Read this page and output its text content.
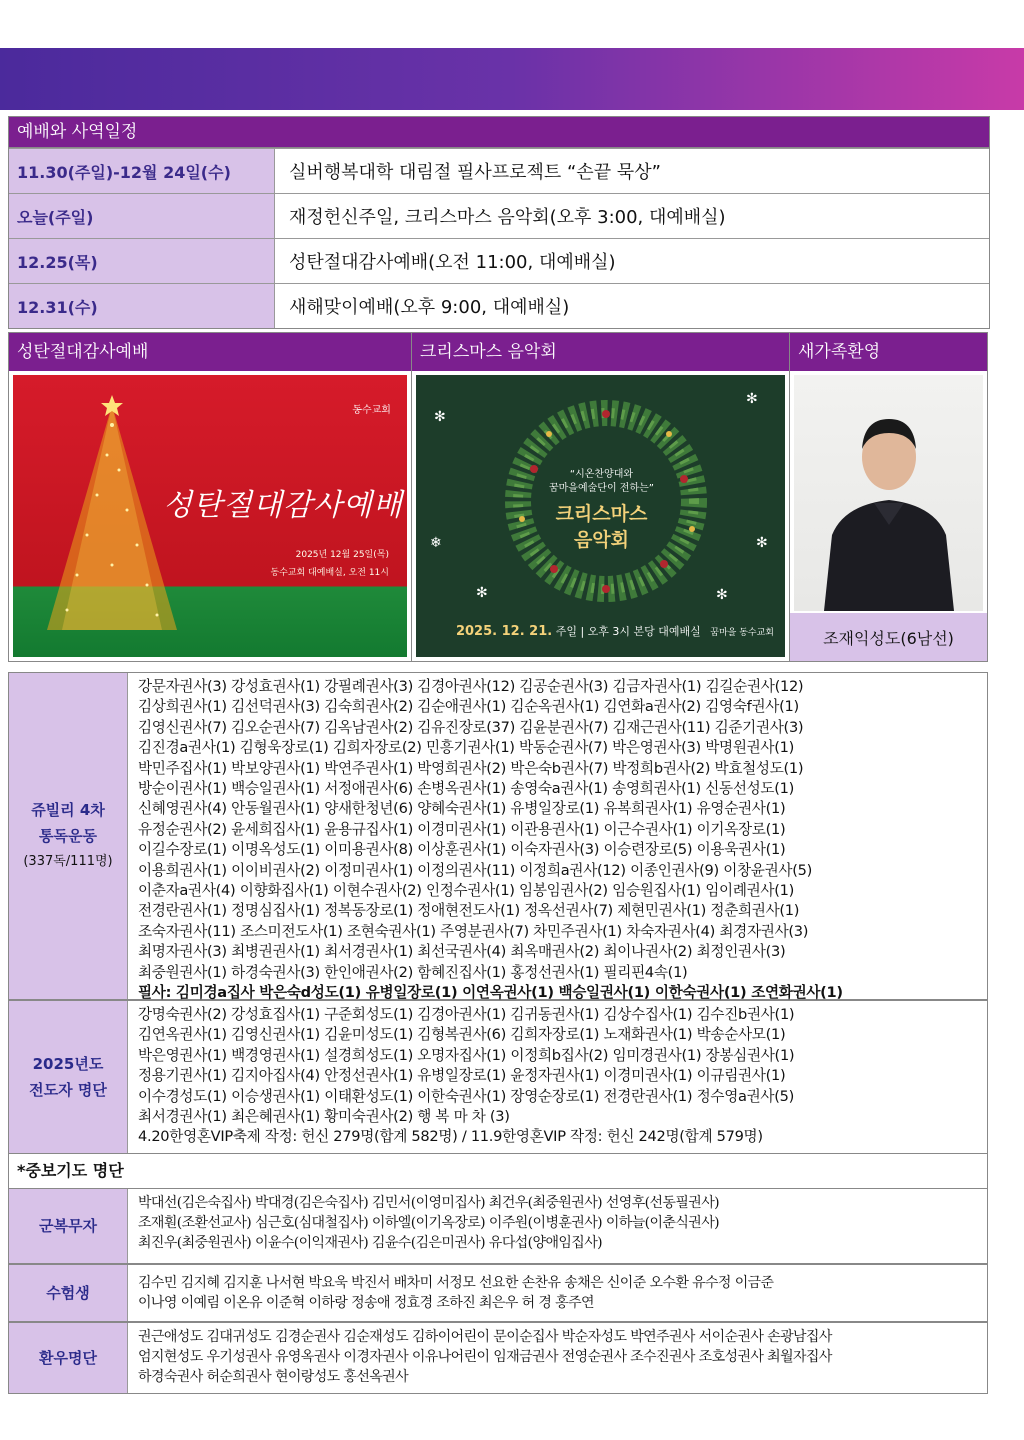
예배와 사역일정
11.30(주일)-12월 24일(수)	실버행복대학 대림절 필사프로젝트 “손끝 묵상”
오늘(주일)	재정헌신주일, 크리스마스 음악회(오후 3:00, 대예배실)
12.25(목)	성탄절대감사예배(오전 11:00, 대예배실)
12.31(수)	새해맞이예배(오후 9:00, 대예배실)
성탄절대감사예배
동수교회
성탄절대감사예배
2025년 12월 25일(목)
동수교회 대예배실, 오전 11시
크리스마스 음악회
✻
✻
❄	✻
✻
✻
“시온찬양대와
꿈마을예술단이 전하는”
크리스마스
음악회
2025. 12. 21. 주일 | 오후 3시 본당 대예배실 꿈마을 동수교회
새가족환영
조재익성도(6남선)
쥬빌리 4차
통독운동
(337독/111명)
강문자권사(3) 강성효권사(1) 강필례권사(3) 김경아권사(12) 김공순권사(3) 김금자권사(1) 김길순권사(12)
김상희권사(1) 김선덕권사(3) 김숙희권사(2) 김순애권사(1) 김순옥권사(1) 김연화a권사(2) 김영숙f권사(1)
김영신권사(7) 김오순권사(7) 김옥남권사(2) 김유진장로(37) 김윤분권사(7) 김재근권사(11) 김준기권사(3)
김진경a권사(1) 김형욱장로(1) 김희자장로(2) 민흥기권사(1) 박동순권사(7) 박은영권사(3) 박명원권사(1)
박민주집사(1) 박보양권사(1) 박연주권사(1) 박영희권사(2) 박은숙b권사(7) 박정희b권사(2) 박효철성도(1)
방순이권사(1) 백승일권사(1) 서정애권사(6) 손병옥권사(1) 송영숙a권사(1) 송영희권사(1) 신동선성도(1)
신혜영권사(4) 안동월권사(1) 양새한청년(6) 양혜숙권사(1) 유병일장로(1) 유복희권사(1) 유영순권사(1)
유정순권사(2) 윤세희집사(1) 윤용규집사(1) 이경미권사(1) 이관용권사(1) 이근수권사(1) 이기옥장로(1)
이길수장로(1) 이명옥성도(1) 이미용권사(8) 이상훈권사(1) 이숙자권사(3) 이승련장로(5) 이용욱권사(1)
이용희권사(1) 이이비권사(2) 이정미권사(1) 이정의권사(11) 이정희a권사(12) 이종인권사(9) 이창윤권사(5)
이춘자a권사(4) 이향화집사(1) 이현수권사(2) 인정수권사(1) 임봉임권사(2) 임승원집사(1) 임이례권사(1)
전경란권사(1) 정명심집사(1) 정복동장로(1) 정애현전도사(1) 정옥선권사(7) 제현민권사(1) 정춘희권사(1)
조숙자권사(11) 조스미전도사(1) 조현숙권사(1) 주영분권사(7) 차민주권사(1) 차숙자권사(4) 최경자권사(3)
최명자권사(3) 최병권권사(1) 최서경권사(1) 최선국권사(4) 최옥매권사(2) 최이나권사(2) 최정인권사(3)
최중원권사(1) 하경숙권사(3) 한인애권사(2) 함혜진집사(1) 홍정선권사(1) 필리핀4속(1)
필사: 김미경a집사 박은숙d성도(1) 유병일장로(1) 이연옥권사(1) 백승일권사(1) 이한숙권사(1) 조연화권사(1)
2025년도
전도자 명단
강명숙권사(2) 강성효집사(1) 구준회성도(1) 김경아권사(1) 김귀동권사(1) 김상수집사(1) 김수진b권사(1)
김연옥권사(1) 김영신권사(1) 김윤미성도(1) 김형복권사(6) 김희자장로(1) 노재화권사(1) 박송순사모(1)
박은영권사(1) 백경영권사(1) 설경희성도(1) 오명자집사(1) 이정희b집사(2) 임미경권사(1) 장봉심권사(1)
정용기권사(1) 김지아집사(4) 안정선권사(1) 유병일장로(1) 윤정자권사(1) 이경미권사(1) 이규림권사(1)
이수경성도(1) 이승생권사(1) 이태환성도(1) 이한숙권사(1) 장영순장로(1) 전경란권사(1) 정수영a권사(5)
최서경권사(1) 최은혜권사(1) 황미숙권사(2) 행 복 마 차 (3)
4.20한영혼VIP축제 작정: 헌신 279명(합계 582명) / 11.9한영혼VIP 작정: 헌신 242명(합계 579명)
*중보기도 명단
군복무자
박대선(김은숙집사) 박대경(김은숙집사) 김민서(이영미집사) 최건우(최중원권사) 선영후(선동필권사)
조재훤(조환선교사) 심근호(심대철집사) 이하엘(이기옥장로) 이주원(이병훈권사) 이하늘(이춘식권사)
최진우(최중원권사) 이윤수(이익재권사) 김윤수(김은미권사) 유다섭(양애임집사)
수험생
김수민 김지혜 김지훈 나서현 박요욱 박진서 배차미 서정모 선요한 손찬유 송채은 신이준 오수환 유수정 이금준
이나영 이예림 이온유 이준혁 이하랑 정송애 정효경 조하진 최은우 허 경 홍주연
환우명단
권근애성도 김대귀성도 김경순권사 김순재성도 김하이어린이 문이순집사 박순자성도 박연주권사 서이순권사 손광남집사
엄지현성도 우기성권사 유영옥권사 이경자권사 이유나어린이 임재금권사 전영순권사 조수진권사 조호성권사 최월자집사
하경숙권사 허순희권사 현이랑성도 홍선옥권사
